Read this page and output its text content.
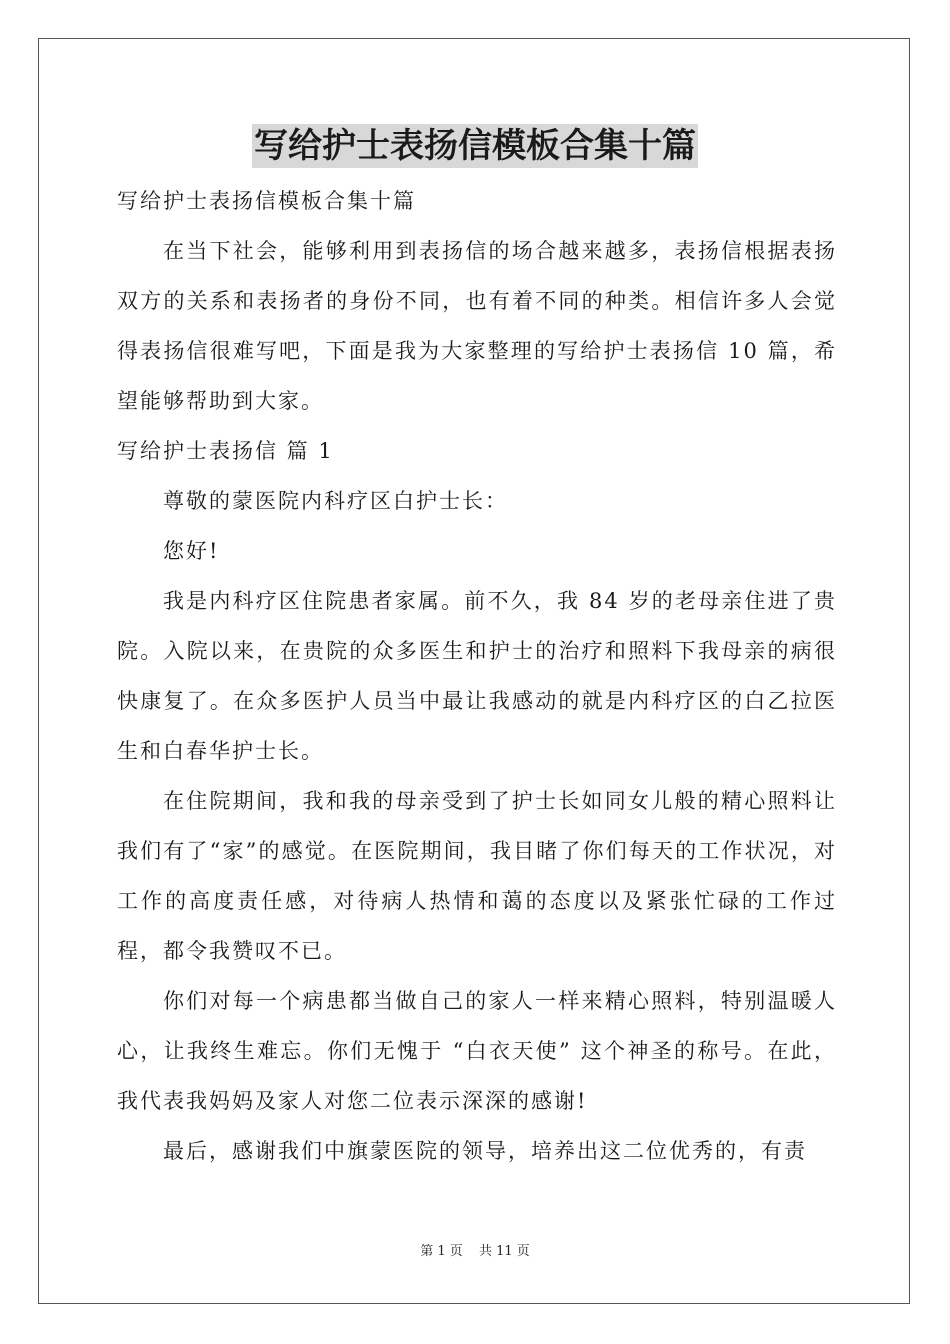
写给护士表扬信模板合集十篇

写给护士表扬信模板合集十篇

在当下社会，能够利用到表扬信的场合越来越多，表扬信根据表扬双方的关系和表扬者的身份不同，也有着不同的种类。相信许多人会觉得表扬信很难写吧，下面是我为大家整理的写给护士表扬信 10 篇，希望能够帮助到大家。

写给护士表扬信 篇 1

尊敬的蒙医院内科疗区白护士长：

您好!

我是内科疗区住院患者家属。前不久，我 84 岁的老母亲住进了贵院。入院以来，在贵院的众多医生和护士的治疗和照料下我母亲的病很快康复了。在众多医护人员当中最让我感动的就是内科疗区的白乙拉医生和白春华护士长。

在住院期间，我和我的母亲受到了护士长如同女儿般的精心照料让我们有了“家”的感觉。在医院期间，我目睹了你们每天的工作状况，对工作的高度责任感，对待病人热情和蔼的态度以及紧张忙碌的工作过程，都令我赞叹不已。

你们对每一个病患都当做自己的家人一样来精心照料，特别温暖人心，让我终生难忘。你们无愧于 “白衣天使” 这个神圣的称号。在此，我代表我妈妈及家人对您二位表示深深的感谢!

最后，感谢我们中旗蒙医院的领导，培养出这二位优秀的，有责

第 1 页 共 11 页
